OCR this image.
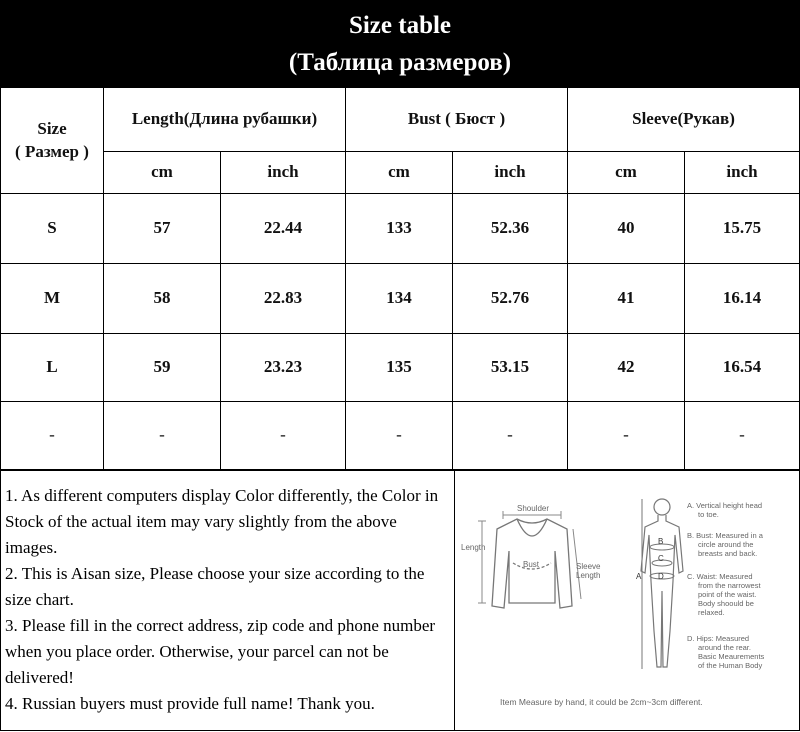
Size table
(Таблица размеров)
Size
( Размер )
Length(Длина рубашки)	Bust ( Бюст )	Sleeve(Рукав)
cm	inch	cm	inch	cm	inch
S	57	22.44	133	52.36	40	15.75
M	58	22.83	134	52.76	41	16.14
L	59	23.23	135	53.15	42	16.54
-	-	-	-	-	-	-

1. As different computers display Color differently, the Color in Stock of the actual item may vary slightly from the above images.

2. This is Aisan size, Please choose your size according to the size chart.

3. Please fill in the correct address, zip code and phone number when you place order. Otherwise, your parcel can not be delivered!

4. Russian buyers must provide full name! Thank you.

Shoulder
Length
Bust	Sleeve
Length
B
C
D
A
A. Vertical height head
to toe.
B. Bust: Measured in a
circle around the
breasts and back.
C. Waist: Measured
from the narrowest
point of the waist.
Body shoould be
relaxed.
D. Hips: Measured
around the rear.
Basic Meaurements
of the Human Body
Item Measure by hand, it could be 2cm~3cm different.
